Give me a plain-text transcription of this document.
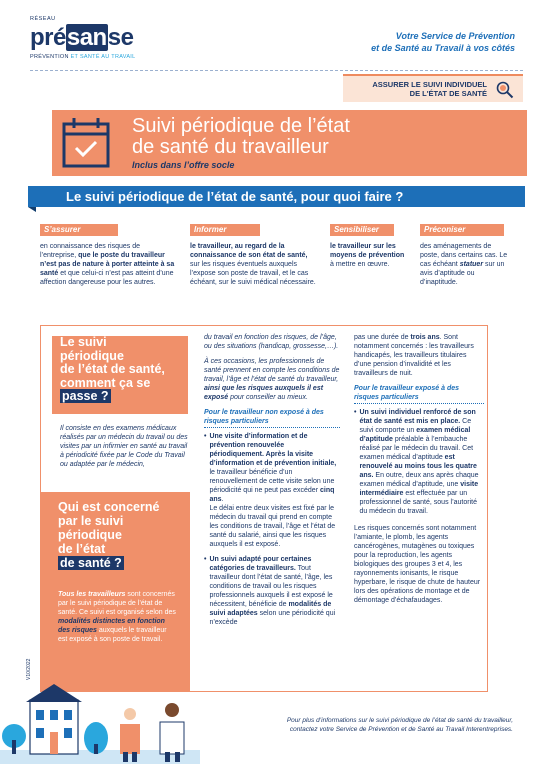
RÉSEAU
présanse
PRÉVENTION ET SANTÉ AU TRAVAIL
Votre Service de Prévention
et de Santé au Travail à vos côtés
ASSURER LE SUIVI INDIVIDUEL
DE L'ÉTAT DE SANTÉ
Suivi périodique de l’état
de santé du travailleur
Inclus dans l’offre socle
Le suivi périodique de l’état de santé, pour quoi faire ?
S’assurer
en connaissance des risques de l’entreprise, que le poste du travailleur n’est pas de nature à porter atteinte à sa santé et que celui-ci n’est pas atteint d’une affection dangereuse pour les autres.
Informer
le travailleur, au regard de la connaissance de son état de santé, sur les risques éventuels auxquels l’expose son poste de travail, et le cas échéant, sur le suivi médical nécessaire.
Sensibiliser
le travailleur sur les moyens de prévention à mettre en œuvre.
Préconiser
des aménagements de poste, dans certains cas. Le cas échéant statuer sur un avis d’aptitude ou d’inaptitude.
Le suivi
périodique
de l’état de santé,
comment ça se
passe ?
Il consiste en des examens médicaux réalisés par un médecin du travail ou des visites par un infirmier en santé au travail à périodicité fixée par le Code du Travail ou adaptée par le médecin,
Qui est concerné
par le suivi
périodique
de l’état
de santé ?
Tous les travailleurs sont concernés par le suivi périodique de l’état de santé. Ce suivi est organisé selon des modalités distinctes en fonction des risques auxquels le travailleur est exposé à son poste de travail.
V10/2022

du travail en fonction des risques, de l’âge, ou des situations (handicap, grossesse,…).

À ces occasions, les professionnels de santé prennent en compte les conditions de travail, l’âge et l’état de santé du travailleur, ainsi que les risques auxquels il est exposé pour conseiller au mieux.

Pour le travailleur non exposé à des risques particuliers
• Une visite d’information et de prévention renouvelée périodiquement. Après la visite d’information et de prévention initiale, le travailleur bénéficie d’un renouvellement de cette visite selon une périodicité qui ne peut pas excéder cinq ans.
Le délai entre deux visites est fixé par le médecin du travail qui prend en compte les conditions de travail, l’âge et l’état de santé du salarié, ainsi que les risques auxquels il est exposé.
• Un suivi adapté pour certaines catégories de travailleurs. Tout travailleur dont l’état de santé, l’âge, les conditions de travail ou les risques professionnels auxquels il est exposé le nécessitent, bénéficie de modalités de suivi adaptées selon une périodicité qui n’excède

pas une durée de trois ans. Sont notamment concernés : les travailleurs handicapés, les travailleurs titulaires d’une pension d’invalidité et les travailleurs de nuit.

Pour le travailleur exposé à des risques particuliers
• Un suivi individuel renforcé de son état de santé est mis en place. Ce suivi comporte un examen médical d’aptitude préalable à l’embauche réalisé par le médecin du travail. Cet examen médical d’aptitude est renouvelé au moins tous les quatre ans. En outre, deux ans après chaque examen médical d’aptitude, une visite intermédiaire est effectuée par un professionnel de santé, sous l’autorité du médecin du travail.

Les risques concernés sont notamment l’amiante, le plomb, les agents cancérogènes, mutagènes ou toxiques pour la reproduction, les agents biologiques des groupes 3 et 4, les rayonnements ionisants, le risque hyperbare, le risque de chute de hauteur lors des opérations de montage et de démontage d’échafaudages.

Pour plus d’informations sur le suivi périodique de l’état de santé du travailleur, contactez votre Service de Prévention et de Santé au Travail Interentreprises.
